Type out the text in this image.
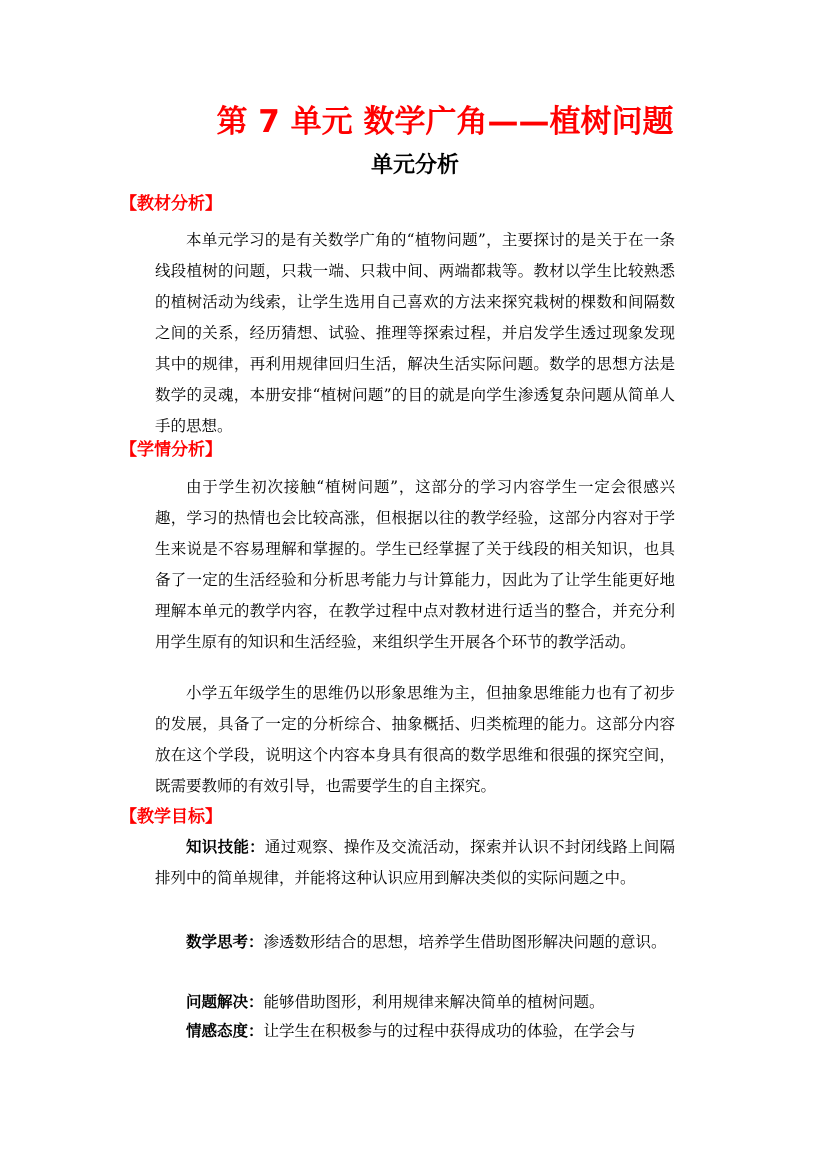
第 7 单元 数学广角——植树问题
单元分析
【教材分析】

本单元学习的是有关数学广角的“植物问题”，主要探讨的是关于在一条线段植树的问题，只栽一端、只栽中间、两端都栽等。教材以学生比较熟悉的植树活动为线索，让学生选用自己喜欢的方法来探究栽树的棵数和间隔数之间的关系，经历猜想、试验、推理等探索过程，并启发学生透过现象发现其中的规律，再利用规律回归生活，解决生活实际问题。数学的思想方法是数学的灵魂，本册安排“植树问题”的目的就是向学生渗透复杂问题从简单人手的思想。

【学情分析】

由于学生初次接触“植树问题”，这部分的学习内容学生一定会很感兴趣，学习的热情也会比较高涨，但根据以往的教学经验，这部分内容对于学生来说是不容易理解和掌握的。学生已经掌握了关于线段的相关知识，也具备了一定的生活经验和分析思考能力与计算能力，因此为了让学生能更好地理解本单元的教学内容，在教学过程中点对教材进行适当的整合，并充分利用学生原有的知识和生活经验，来组织学生开展各个环节的教学活动。

小学五年级学生的思维仍以形象思维为主，但抽象思维能力也有了初步的发展，具备了一定的分析综合、抽象概括、归类梳理的能力。这部分内容放在这个学段，说明这个内容本身具有很高的数学思维和很强的探究空间，既需要教师的有效引导，也需要学生的自主探究。

【教学目标】

知识技能：通过观察、操作及交流活动，探索并认识不封闭线路上间隔排列中的简单规律，并能将这种认识应用到解决类似的实际问题之中。

数学思考：渗透数形结合的思想，培养学生借助图形解决问题的意识。

问题解决：能够借助图形，利用规律来解决简单的植树问题。

情感态度：让学生在积极参与的过程中获得成功的体验，在学会与
